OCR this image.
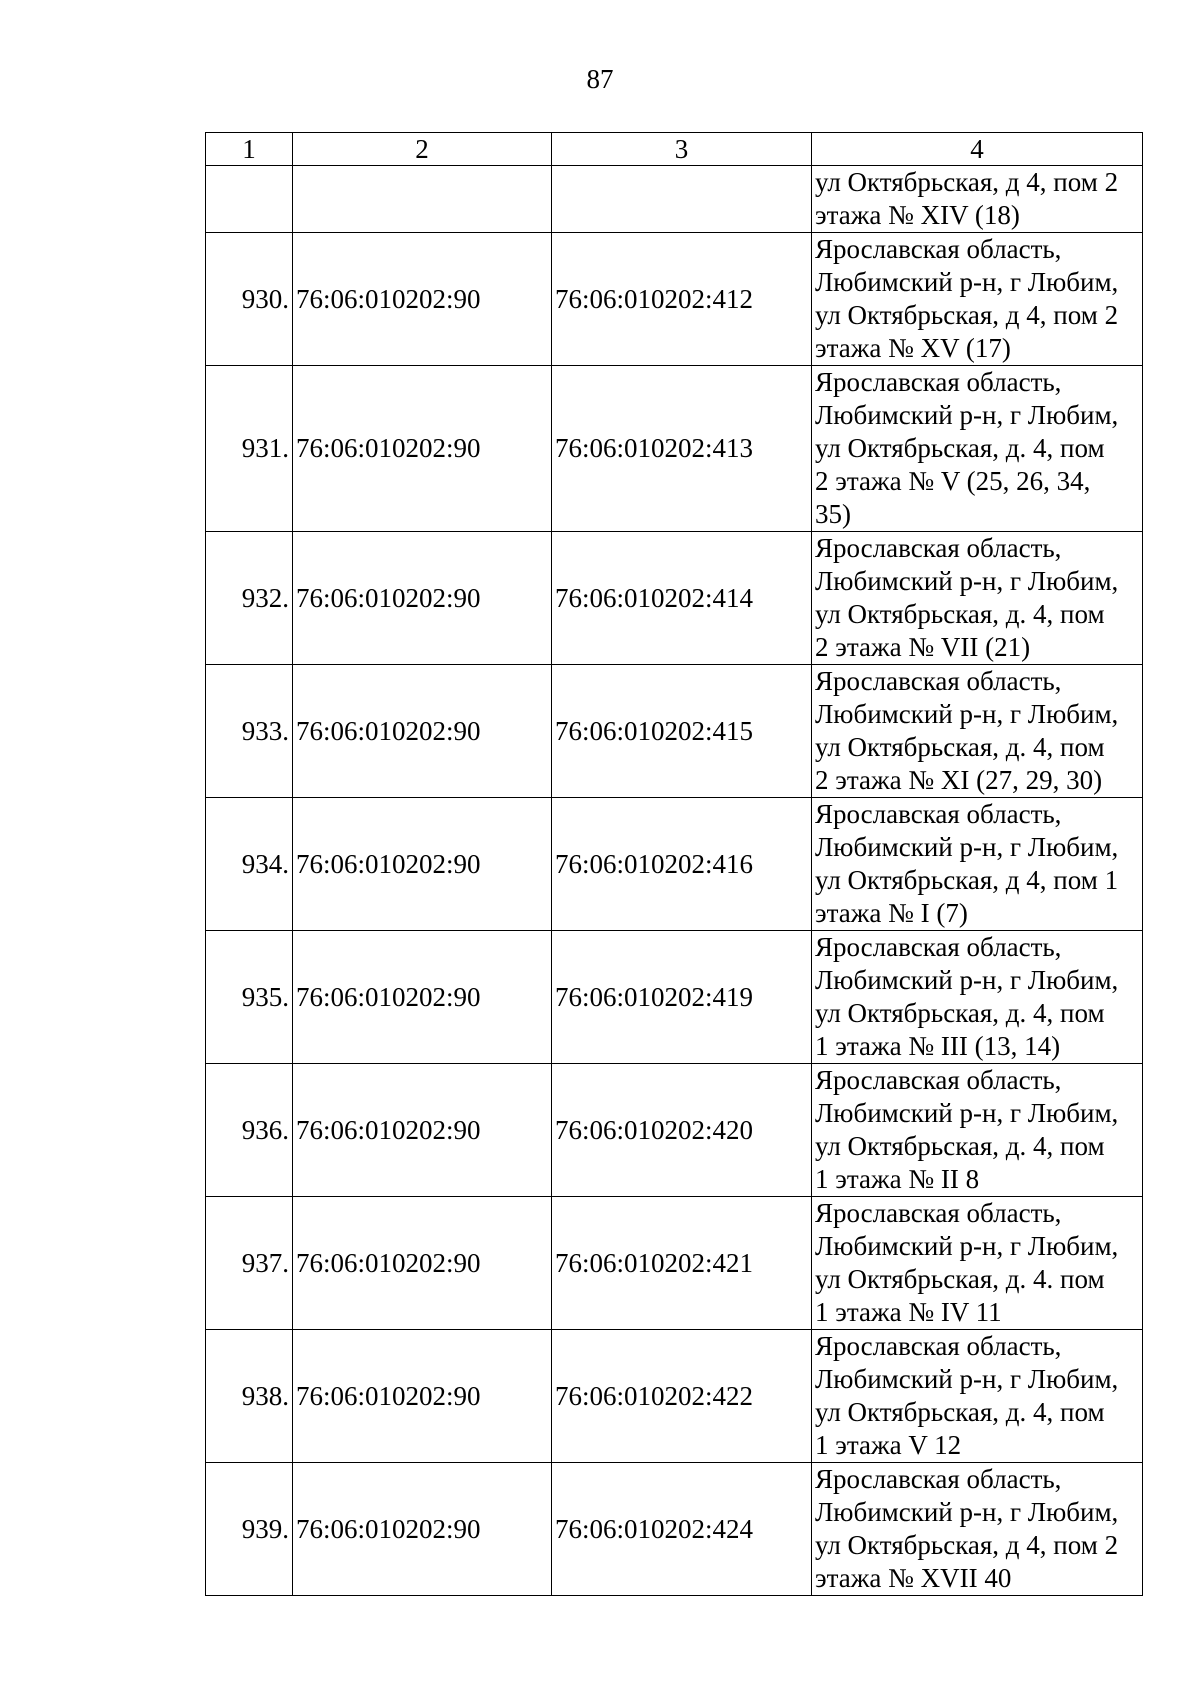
87
1	2	3	4
			ул Октябрьская, д 4, пом 2
этажа № XIV (18)
930.	76:06:010202:90	76:06:010202:412	Ярославская область,
Любимский р-н, г Любим,
ул Октябрьская, д 4, пом 2
этажа № XV (17)
931.	76:06:010202:90	76:06:010202:413	Ярославская область,
Любимский р-н, г Любим,
ул Октябрьская, д. 4, пом
2 этажа № V (25, 26, 34,
35)
932.	76:06:010202:90	76:06:010202:414	Ярославская область,
Любимский р-н, г Любим,
ул Октябрьская, д. 4, пом
2 этажа № VII (21)
933.	76:06:010202:90	76:06:010202:415	Ярославская область,
Любимский р-н, г Любим,
ул Октябрьская, д. 4, пом
2 этажа № XI (27, 29, 30)
934.	76:06:010202:90	76:06:010202:416	Ярославская область,
Любимский р-н, г Любим,
ул Октябрьская, д 4, пом 1
этажа № I (7)
935.	76:06:010202:90	76:06:010202:419	Ярославская область,
Любимский р-н, г Любим,
ул Октябрьская, д. 4, пом
1 этажа № III (13, 14)
936.	76:06:010202:90	76:06:010202:420	Ярославская область,
Любимский р-н, г Любим,
ул Октябрьская, д. 4, пом
1 этажа № II 8
937.	76:06:010202:90	76:06:010202:421	Ярославская область,
Любимский р-н, г Любим,
ул Октябрьская, д. 4. пом
1 этажа № IV 11
938.	76:06:010202:90	76:06:010202:422	Ярославская область,
Любимский р-н, г Любим,
ул Октябрьская, д. 4, пом
1 этажа V 12
939.	76:06:010202:90	76:06:010202:424	Ярославская область,
Любимский р-н, г Любим,
ул Октябрьская, д 4, пом 2
этажа № XVII 40
